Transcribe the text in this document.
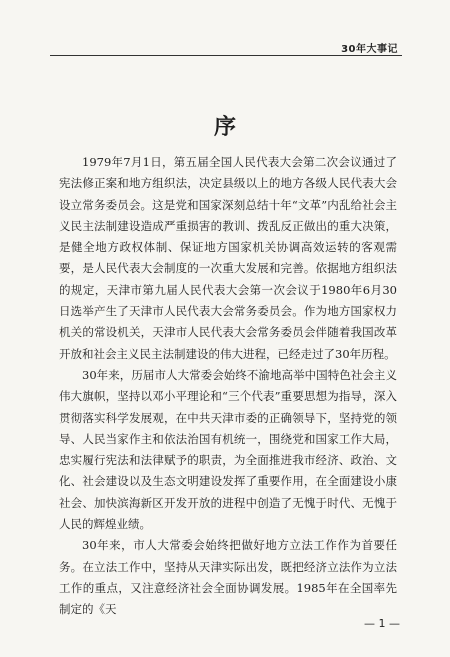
30年大事记
序

1979年7月1日，第五届全国人民代表大会第二次会议通过了宪法修正案和地方组织法，决定县级以上的地方各级人民代表大会设立常务委员会。这是党和国家深刻总结十年“文革”内乱给社会主义民主法制建设造成严重损害的教训、拨乱反正做出的重大决策，是健全地方政权体制、保证地方国家机关协调高效运转的客观需要，是人民代表大会制度的一次重大发展和完善。依据地方组织法的规定，天津市第九届人民代表大会第一次会议于1980年6月30日选举产生了天津市人民代表大会常务委员会。作为地方国家权力机关的常设机关，天津市人民代表大会常务委员会伴随着我国改革开放和社会主义民主法制建设的伟大进程，已经走过了30年历程。

30年来，历届市人大常委会始终不渝地高举中国特色社会主义伟大旗帜，坚持以邓小平理论和“三个代表”重要思想为指导，深入贯彻落实科学发展观，在中共天津市委的正确领导下，坚持党的领导、人民当家作主和依法治国有机统一，围绕党和国家工作大局，忠实履行宪法和法律赋予的职责，为全面推进我市经济、政治、文化、社会建设以及生态文明建设发挥了重要作用，在全面建设小康社会、加快滨海新区开发开放的进程中创造了无愧于时代、无愧于人民的辉煌业绩。

30年来，市人大常委会始终把做好地方立法工作作为首要任务。在立法工作中，坚持从天津实际出发，既把经济立法作为立法工作的重点，又注意经济社会全面协调发展。1985年在全国率先制定的《天

— 1 —
